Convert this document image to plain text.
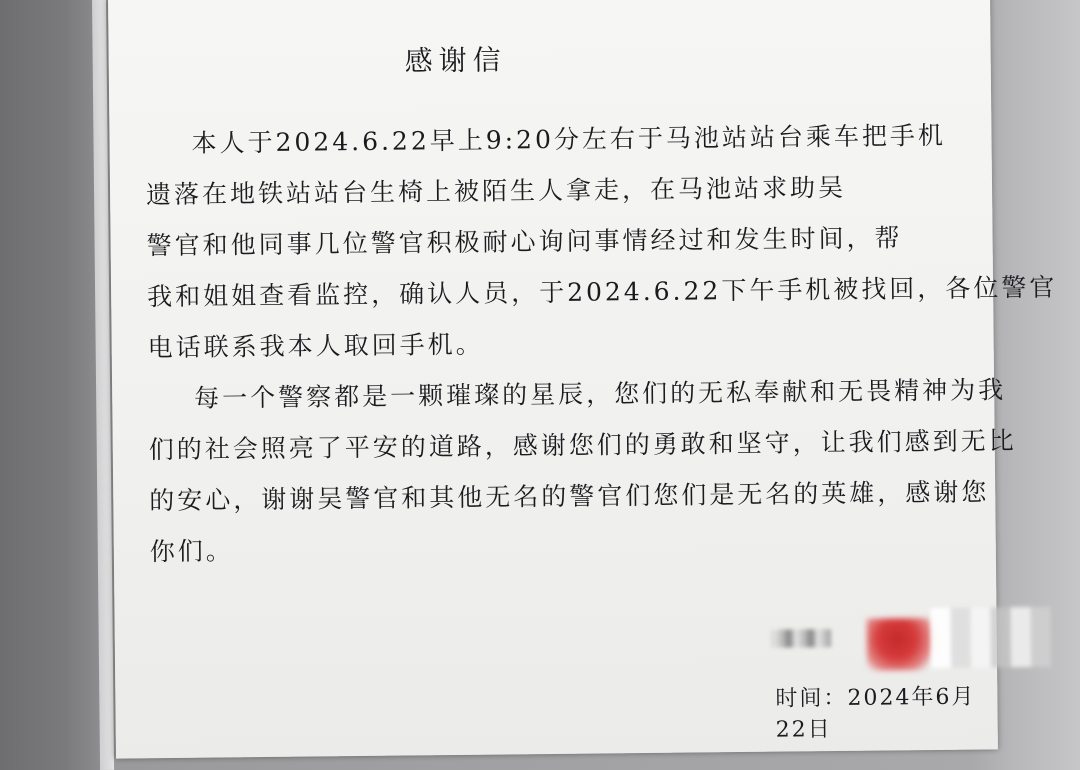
感谢信
本人于2024.6.22早上9:20分左右于马池站站台乘车把手机
遗落在地铁站站台生椅上被陌生人拿走，在马池站求助吴
警官和他同事几位警官积极耐心询问事情经过和发生时间，帮
我和姐姐查看监控，确认人员，于2024.6.22下午手机被找回，各位警官
电话联系我本人取回手机。
每一个警察都是一颗璀璨的星辰，您们的无私奉献和无畏精神为我
们的社会照亮了平安的道路，感谢您们的勇敢和坚守，让我们感到无比
的安心，谢谢吴警官和其他无名的警官们您们是无名的英雄，感谢您
你们。
时间：2024年6月22日
